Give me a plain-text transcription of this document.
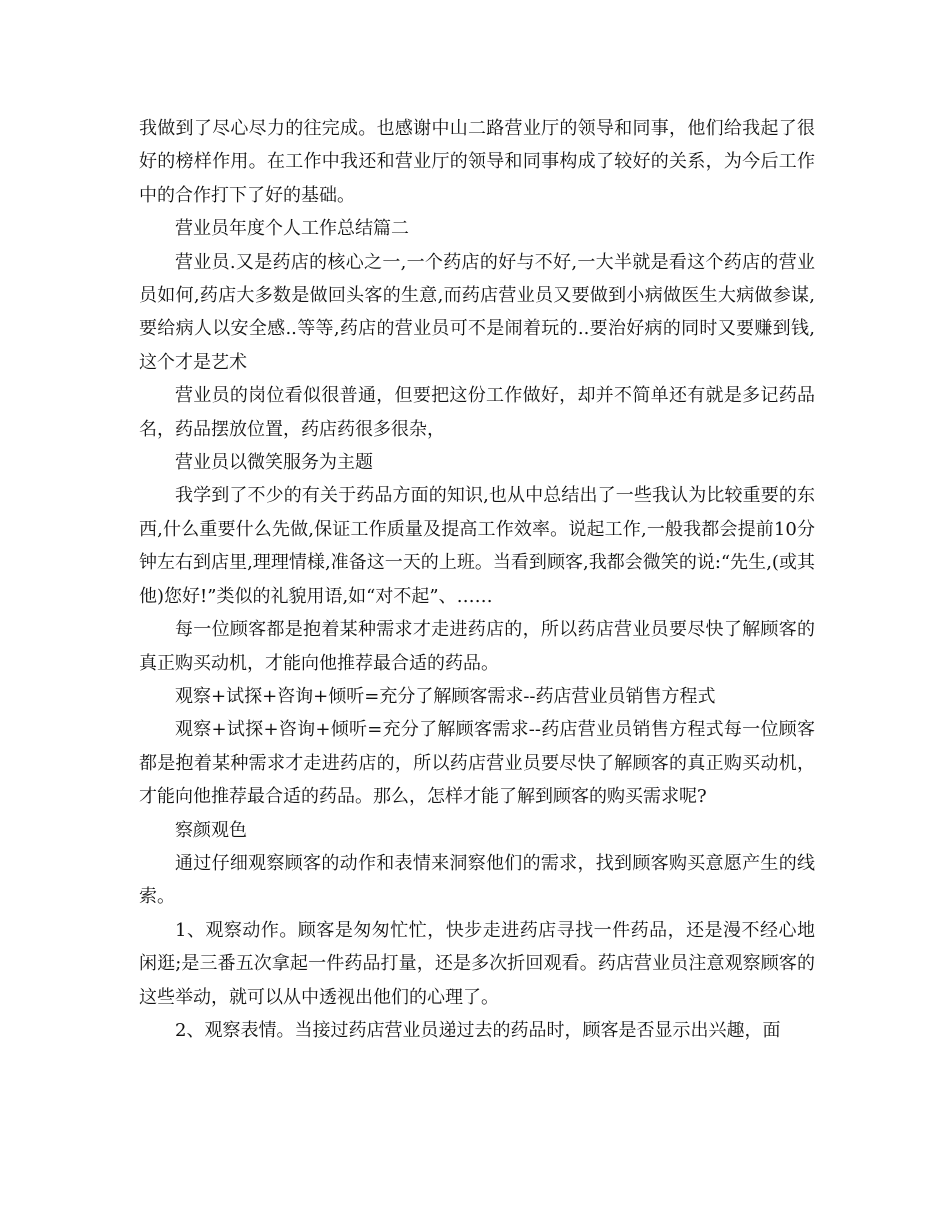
我做到了尽心尽力的往完成。也感谢中山二路营业厅的领导和同事，他们给我起了很好的榜样作用。在工作中我还和营业厅的领导和同事构成了较好的关系，为今后工作中的合作打下了好的基础。

营业员年度个人工作总结篇二

营业员.又是药店的核心之一,一个药店的好与不好,一大半就是看这个药店的营业员如何,药店大多数是做回头客的生意,而药店营业员又要做到小病做医生大病做参谋,要给病人以安全感..等等,药店的营业员可不是闹着玩的..要治好病的同时又要赚到钱,这个才是艺术

营业员的岗位看似很普通，但要把这份工作做好，却并不简单还有就是多记药品名，药品摆放位置，药店药很多很杂，

营业员以微笑服务为主题

我学到了不少的有关于药品方面的知识,也从中总结出了一些我认为比较重要的东西,什么重要什么先做,保证工作质量及提高工作效率。说起工作,一般我都会提前10分钟左右到店里,理理情様,准备这一天的上班。当看到顾客,我都会微笑的说:“先生,(或其他)您好!”类似的礼貌用语,如“对不起”、……

每一位顾客都是抱着某种需求才走进药店的，所以药店营业员要尽快了解顾客的真正购买动机，才能向他推荐最合适的药品。

观察+试探+咨询+倾听=充分了解顾客需求--药店营业员销售方程式

观察+试探+咨询+倾听=充分了解顾客需求--药店营业员销售方程式每一位顾客都是抱着某种需求才走进药店的，所以药店营业员要尽快了解顾客的真正购买动机，才能向他推荐最合适的药品。那么，怎样才能了解到顾客的购买需求呢?

察颜观色

通过仔细观察顾客的动作和表情来洞察他们的需求，找到顾客购买意愿产生的线索。

1、观察动作。顾客是匆匆忙忙，快步走进药店寻找一件药品，还是漫不经心地闲逛;是三番五次拿起一件药品打量，还是多次折回观看。药店营业员注意观察顾客的这些举动，就可以从中透视出他们的心理了。

2、观察表情。当接过药店营业员递过去的药品时，顾客是否显示出兴趣，面
